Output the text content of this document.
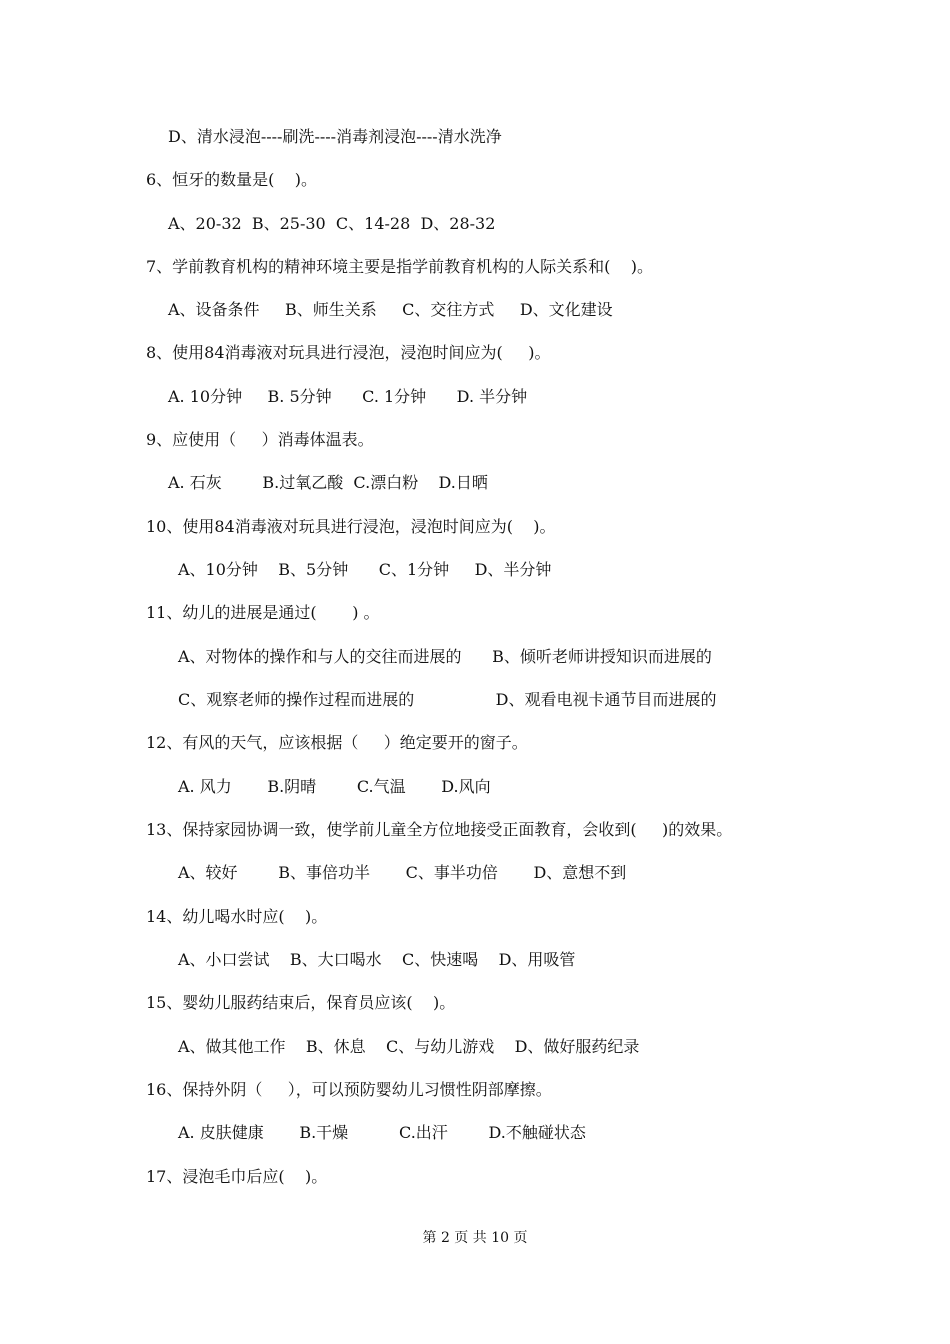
D、清水浸泡----刷洗----消毒剂浸泡----清水洗净
6、恒牙的数量是(    )。
A、20-32  B、25-30  C、14-28  D、28-32
7、学前教育机构的精神环境主要是指学前教育机构的人际关系和(    )。
A、设备条件     B、师生关系     C、交往方式     D、文化建设
8、使用84消毒液对玩具进行浸泡，浸泡时间应为(     )。
A. 10分钟     B. 5分钟      C. 1分钟      D. 半分钟
9、应使用（     ）消毒体温表。
A. 石灰        B.过氧乙酸  C.漂白粉    D.日晒
10、使用84消毒液对玩具进行浸泡，浸泡时间应为(    )。
A、10分钟    B、5分钟      C、1分钟     D、半分钟
11、幼儿的进展是通过(       ) 。
A、对物体的操作和与人的交往而进展的      B、倾听老师讲授知识而进展的
C、观察老师的操作过程而进展的                D、观看电视卡通节目而进展的
12、有风的天气，应该根据（     ）绝定要开的窗子。
A. 风力       B.阴晴        C.气温       D.风向
13、保持家园协调一致，使学前儿童全方位地接受正面教育，会收到(     )的效果。
A、较好        B、事倍功半       C、事半功倍       D、意想不到
14、幼儿喝水时应(    )。
A、小口尝试    B、大口喝水    C、快速喝    D、用吸管
15、婴幼儿服药结束后，保育员应该(    )。
A、做其他工作    B、休息    C、与幼儿游戏    D、做好服药纪录
16、保持外阴（     ），可以预防婴幼儿习惯性阴部摩擦。
A. 皮肤健康       B.干燥          C.出汗        D.不触碰状态
17、浸泡毛巾后应(    )。
第 2 页 共 10 页
